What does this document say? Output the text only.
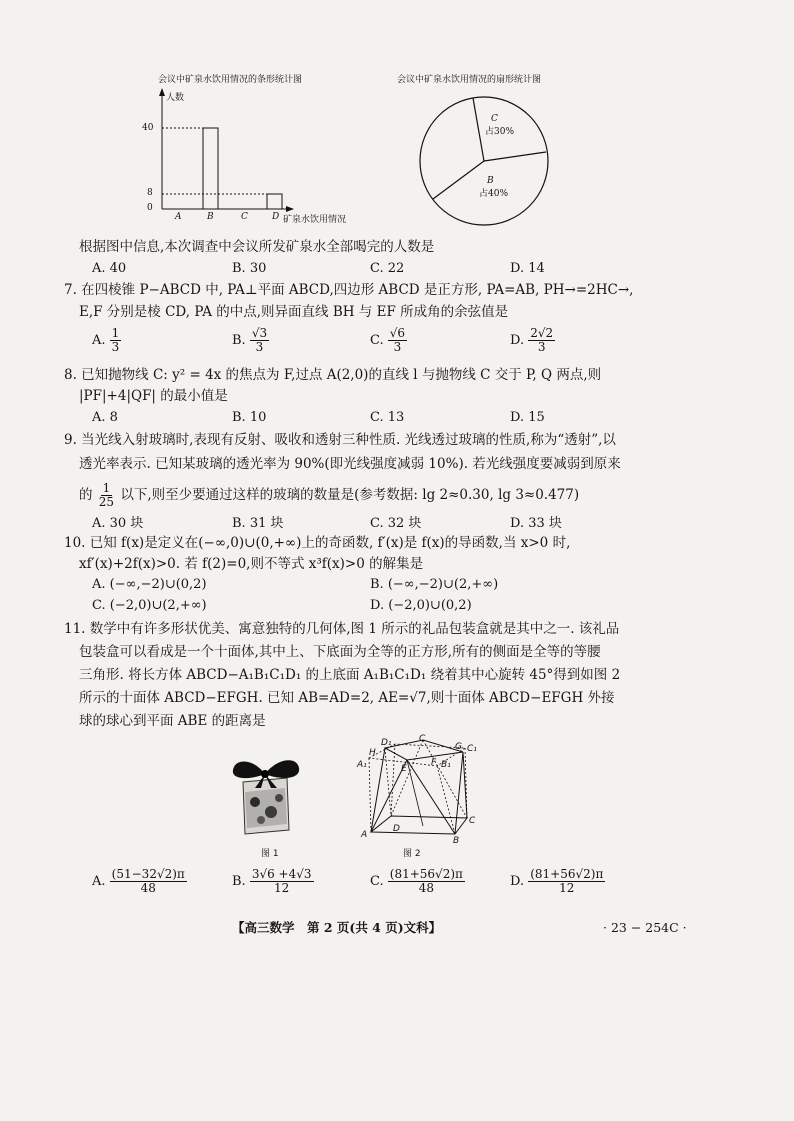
会议中矿泉水饮用情况的条形统计图
人数
40
8
0
A	B	C	D 矿泉水饮用情况
会议中矿泉水饮用情况的扇形统计图
C
占30%
B
占40%
根据图中信息,本次调查中会议所发矿泉水全部喝完的人数是
A. 40	B. 30	C. 22	D. 14
7. 在四棱锥 P−ABCD 中, PA⊥平面 ABCD,四边形 ABCD 是正方形, PA=AB, PH→=2HC→,
E,F 分别是棱 CD, PA 的中点,则异面直线 BH 与 EF 所成角的余弦值是
A. $\frac{1}{3}$	B. $\frac{√3}{3}$	C. $\frac{√6}{3}$	D. $\frac{2√2}{3}$
8. 已知抛物线 C: y² = 4x 的焦点为 F,过点 A(2,0)的直线 l 与抛物线 C 交于 P, Q 两点,则
|PF|+4|QF| 的最小值是
A. 8	B. 10	C. 13	D. 15
9. 当光线入射玻璃时,表现有反射、吸收和透射三种性质. 光线透过玻璃的性质,称为“透射”,以
透光率表示. 已知某玻璃的透光率为 90%(即光线强度减弱 10%). 若光线强度要减弱到原来
的 $\frac{1}{25}$ 以下,则至少要通过这样的玻璃的数量是(参考数据: lg 2≈0.30, lg 3≈0.477)
A. 30 块	B. 31 块	C. 32 块	D. 33 块
10. 已知 f(x)是定义在(−∞,0)∪(0,+∞)上的奇函数, f′(x)是 f(x)的导函数,当 x>0 时,
xf′(x)+2f(x)>0. 若 f(2)=0,则不等式 x³f(x)>0 的解集是
A. (−∞,−2)∪(0,2)	B. (−∞,−2)∪(2,+∞)
C. (−2,0)∪(2,+∞)	D. (−2,0)∪(0,2)
11. 数学中有许多形状优美、寓意独特的几何体,图 1 所示的礼品包装盒就是其中之一. 该礼品
包装盒可以看成是一个十面体,其中上、下底面为全等的正方形,所有的侧面是全等的等腰
三角形. 将长方体 ABCD−A₁B₁C₁D₁ 的上底面 A₁B₁C₁D₁ 绕着其中心旋转 45°得到如图 2
所示的十面体 ABCD−EFGH. 已知 AB=AD=2, AE=√7,则十面体 ABCD−EFGH 外接
球的球心到平面 ABE 的距离是
图 1
D₁	C
G C₁
H
A₁	E
F B₁
D
C
A
B
图 2
A. $\frac{(51-32√2)\pi}{48}$	B. $\frac{3√6 +4√3}{12}$	C. $\frac{(81+56√2)\pi}{48}$	D. $\frac{(81+56√2)\pi}{12}$
【高三数学　第 2 页(共 4 页)文科】	· 23 − 254C ·
